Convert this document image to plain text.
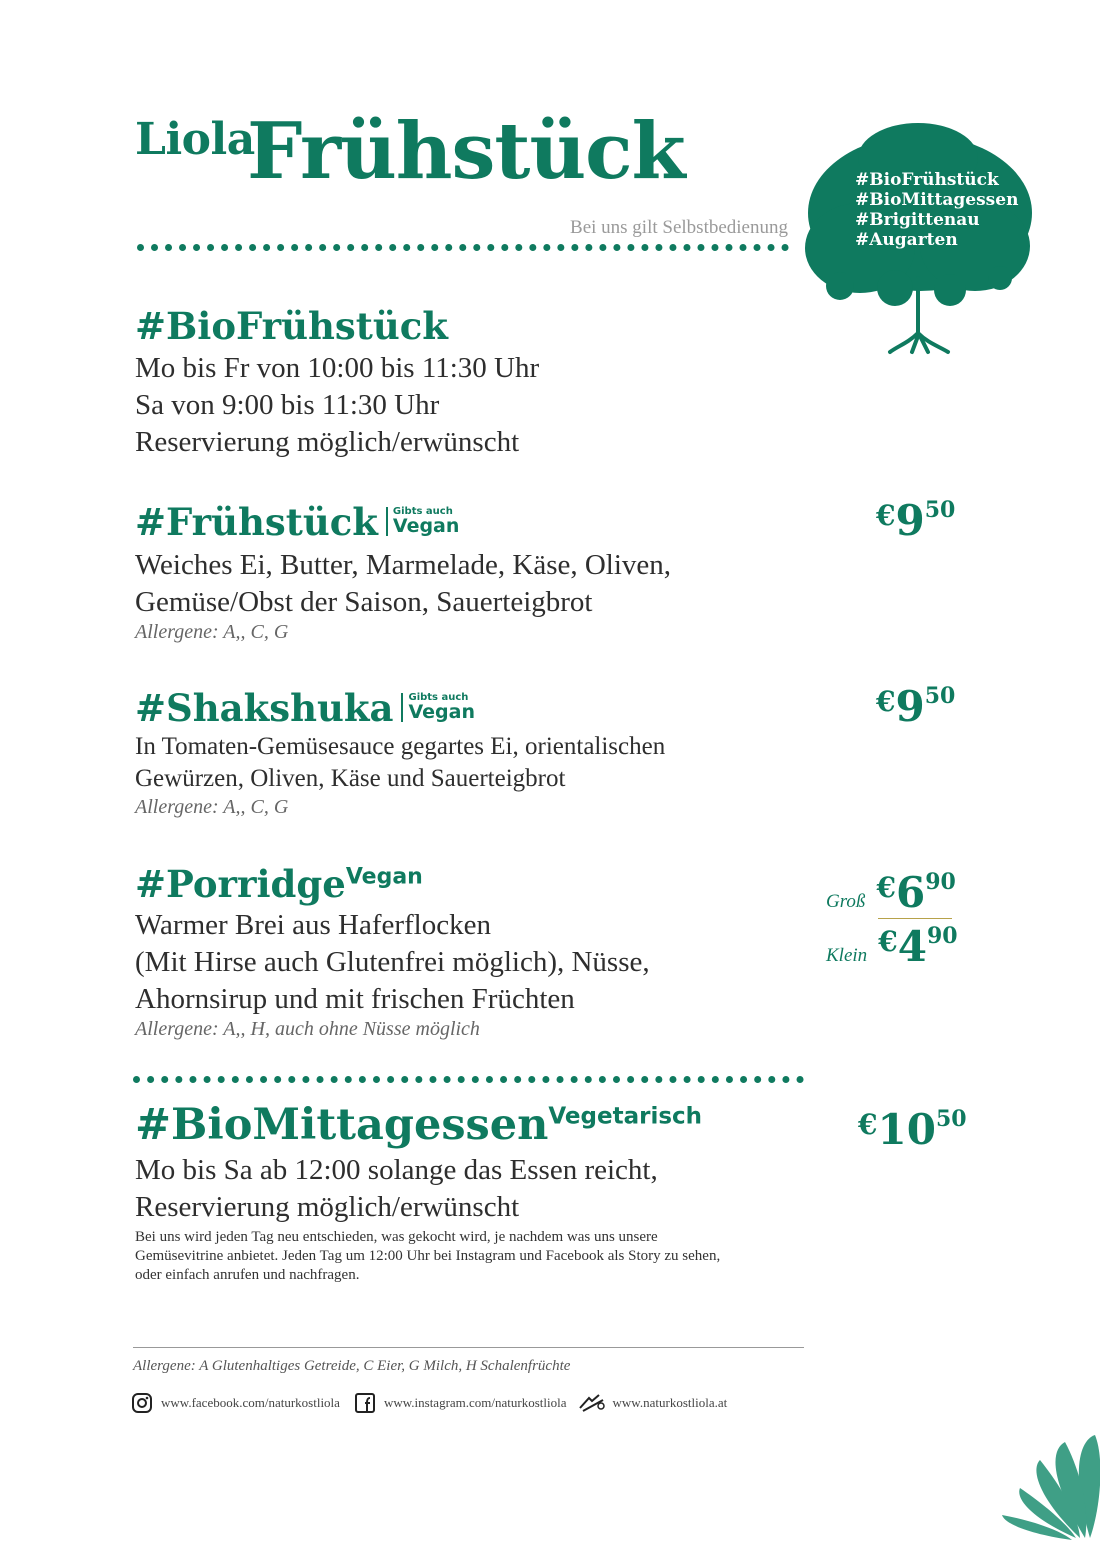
Liola
Frühstück
Bei uns gilt Selbstbedienung
#BioFrühstück
#BioMittagessen
#Brigittenau
#Augarten
#BioFrühstück
Mo bis Fr von 10:00 bis 11:30 Uhr
Sa von 9:00 bis 11:30 Uhr
Reservierung möglich/erwünscht
#Frühstück Gibts auch
Vegan	€950
Weiches Ei, Butter, Marmelade, Käse, Oliven,
Gemüse/Obst der Saison, Sauerteigbrot
Allergene: A,, C, G
#Shakshuka Gibts auch
Vegan	€950
In Tomaten-Gemüsesauce gegartes Ei, orientalischen
Gewürzen, Oliven, Käse und Sauerteigbrot
Allergene: A,, C, G
#Porridge$^{Vegan}$
Groß €690
Klein €490
Warmer Brei aus Haferflocken
(Mit Hirse auch Glutenfrei möglich), Nüsse,
Ahornsirup und mit frischen Früchten
Allergene: A,, H, auch ohne Nüsse möglich
#BioMittagessen$^{Vegetarisch}$	€1050
Mo bis Sa ab 12:00 solange das Essen reicht,
Reservierung möglich/erwünscht
Bei uns wird jeden Tag neu entschieden, was gekocht wird, je nachdem was uns unsere
Gemüsevitrine anbietet. Jeden Tag um 12:00 Uhr bei Instagram und Facebook als Story zu sehen,
oder einfach anrufen und nachfragen.
Allergene: A Glutenhaltiges Getreide, C Eier, G Milch, H Schalenfrüchte
www.facebook.com/naturkostliola	www.instagram.com/naturkostliola	www.naturkostliola.at
